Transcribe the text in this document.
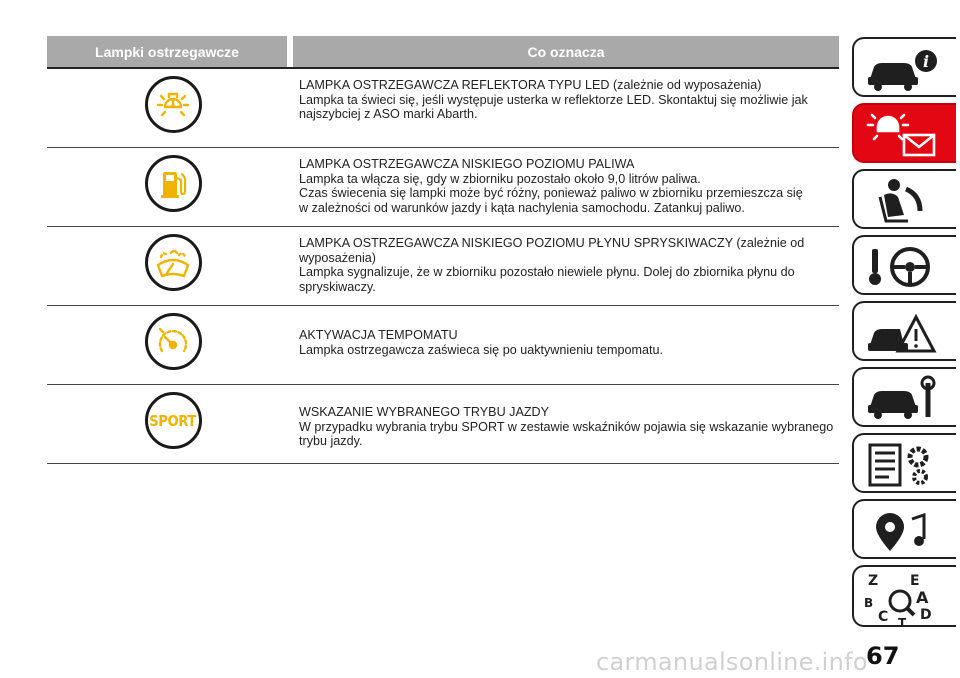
Lampki ostrzegawcze	Co oznacza
LAMPKA OSTRZEGAWCZA REFLEKTORA TYPU LED (zależnie od wyposażenia)
Lampka ta świeci się, jeśli występuje usterka w reflektorze LED. Skontaktuj się możliwie jak
najszybciej z ASO marki Abarth.
LAMPKA OSTRZEGAWCZA NISKIEGO POZIOMU PALIWA
Lampka ta włącza się, gdy w zbiorniku pozostało około 9,0 litrów paliwa.
Czas świecenia się lampki może być różny, ponieważ paliwo w zbiorniku przemieszcza się
w zależności od warunków jazdy i kąta nachylenia samochodu. Zatankuj paliwo.
LAMPKA OSTRZEGAWCZA NISKIEGO POZIOMU PŁYNU SPRYSKIWACZY (zależnie od
wyposażenia)
Lampka sygnalizuje, że w zbiorniku pozostało niewiele płynu. Dolej do zbiornika płynu do
spryskiwaczy.
AKTYWACJA TEMPOMATU
Lampka ostrzegawcza zaświeca się po uaktywnieniu tempomatu.
SPORT	WSKAZANIE WYBRANEGO TRYBU JAZDY
W przypadku wybrania trybu SPORT w zestawie wskaźników pojawia się wskazanie wybranego
trybu jazdy.
i
Z E
B	A
C D
T
67
carmanualsonline.info
